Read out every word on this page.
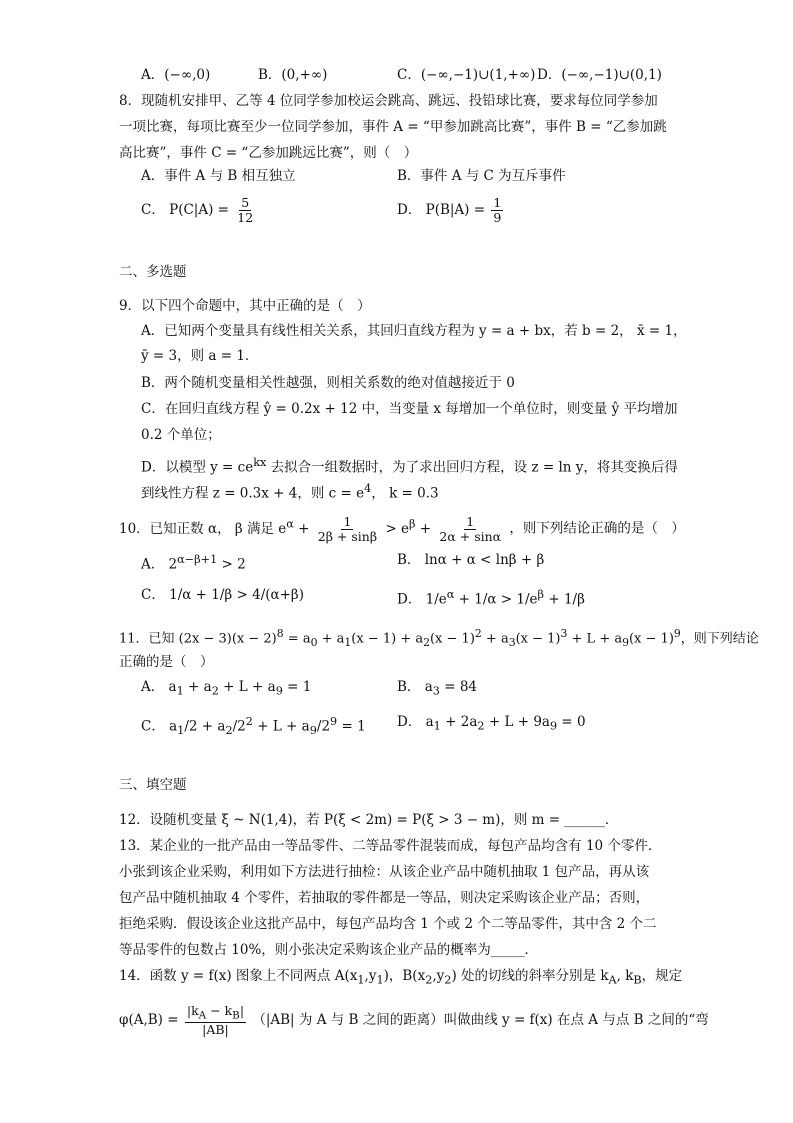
A．(−∞,0)	B．(0,+∞)	C．(−∞,−1)∪(1,+∞) D．(−∞,−1)∪(0,1)
8．现随机安排甲、乙等 4 位同学参加校运会跳高、跳远、投铅球比赛，要求每位同学参加
一项比赛，每项比赛至少一位同学参加，事件 A = “甲参加跳高比赛”，事件 B = “乙参加跳
高比赛”，事件 C = “乙参加跳远比赛”，则（　）
A．事件 A 与 B 相互独立	B．事件 A 与 C 为互斥事件
C． $P(C|A) = \frac{5}{12}$	D． $P(B|A) = \frac{1}{9}$
二、多选题
9．以下四个命题中，其中正确的是（　）
A．已知两个变量具有线性相关关系，其回归直线方程为 y = a + bx，若 b = 2， x̄ = 1，
ȳ = 3，则 a = 1．
B．两个随机变量相关性越强，则相关系数的绝对值越接近于 0
C．在回归直线方程 ŷ = 0.2x + 12 中，当变量 x 每增加一个单位时，则变量 ŷ 平均增加
0.2 个单位；
D．以模型 $y = ce^{kx}$ 去拟合一组数据时，为了求出回归方程，设 z = ln y，将其变换后得
到线性方程 z = 0.3x + 4，则 $c = e^4$， k = 0.3
10．已知正数 α， β 满足 $e^\alpha + \frac{1}{2\beta + \sin\beta} > e^\beta + \frac{1}{2\alpha + \sin\alpha}$ ，则下列结论正确的是（　）
A． $2^{\alpha-\beta+1} > 2$	B． lnα + α < lnβ + β
C． 1/α + 1/β > 4/(α+β)	D． $1/e^\alpha + 1/\alpha > 1/e^\beta + 1/\beta$
11．已知 $(2x - 3)(x - 2)^8 = a_0 + a_1(x - 1) + a_2(x - 1)^2 + a_3(x - 1)^3 + L + a_9(x - 1)^9$，则下列结论
正确的是（　）
A． $a_1 + a_2 + L + a_9 = 1$	B． $a_3 = 84$
C． $a_1/2 + a_2/2^2 + L + a_9/2^9 = 1$ D． $a_1 + 2a_2 + L + 9a_9 = 0$
三、填空题
12．设随机变量 ξ ~ N(1,4)，若 P(ξ < 2m) = P(ξ > 3 − m)，则 m = ______．
13．某企业的一批产品由一等品零件、二等品零件混装而成，每包产品均含有 10 个零件．
小张到该企业采购，利用如下方法进行抽检：从该企业产品中随机抽取 1 包产品，再从该
包产品中随机抽取 4 个零件，若抽取的零件都是一等品，则决定采购该企业产品；否则，
拒绝采购．假设该企业这批产品中，每包产品均含 1 个或 2 个二等品零件，其中含 2 个二
等品零件的包数占 10%，则小张决定采购该企业产品的概率为_____．
14．函数 y = f(x) 图象上不同两点 $A(x_1,y_1)$，$B(x_2,y_2)$ 处的切线的斜率分别是 $k_A$, $k_B$，规定
$\varphi(A,B) = \frac{|k_A - k_B|}{|AB|} (|AB|$ 为 A 与 B 之间的距离）叫做曲线 y = f(x) 在点 A 与点 B 之间的“弯
